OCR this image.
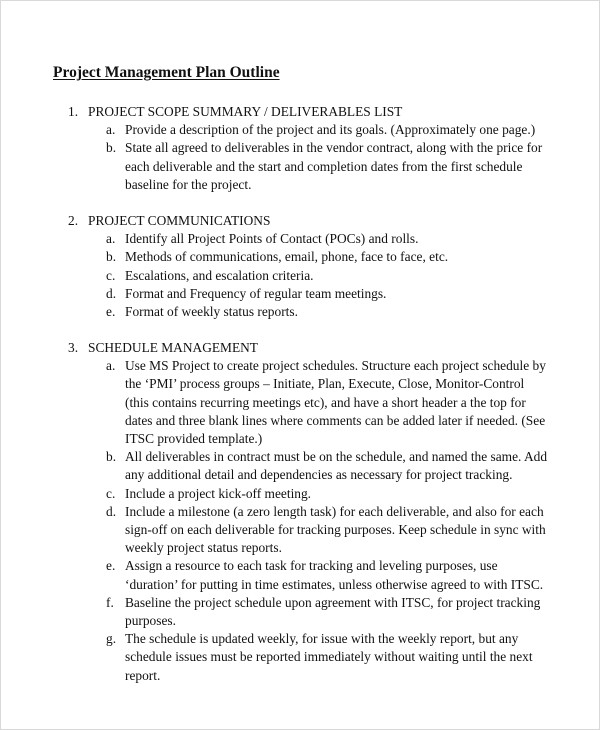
Project Management Plan Outline
1. PROJECT SCOPE SUMMARY / DELIVERABLES LIST
a. Provide a description of the project and its goals. (Approximately one page.)
b. State all agreed to deliverables in the vendor contract, along with the price for each deliverable and the start and completion dates from the first schedule baseline for the project.
2. PROJECT COMMUNICATIONS
a. Identify all Project Points of Contact (POCs) and rolls.
b. Methods of communications, email, phone, face to face, etc.
c. Escalations, and escalation criteria.
d. Format and Frequency of regular team meetings.
e. Format of weekly status reports.
3. SCHEDULE MANAGEMENT
a. Use MS Project to create project schedules. Structure each project schedule by the ‘PMI’ process groups – Initiate, Plan, Execute, Close, Monitor-Control (this contains recurring meetings etc), and have a short header a the top for dates and three blank lines where comments can be added later if needed. (See ITSC provided template.)
b. All deliverables in contract must be on the schedule, and named the same. Add any additional detail and dependencies as necessary for project tracking.
c. Include a project kick-off meeting.
d. Include a milestone (a zero length task) for each deliverable, and also for each sign-off on each deliverable for tracking purposes. Keep schedule in sync with weekly project status reports.
e. Assign a resource to each task for tracking and leveling purposes, use ‘duration’ for putting in time estimates, unless otherwise agreed to with ITSC.
f. Baseline the project schedule upon agreement with ITSC, for project tracking purposes.
g. The schedule is updated weekly, for issue with the weekly report, but any schedule issues must be reported immediately without waiting until the next report.
